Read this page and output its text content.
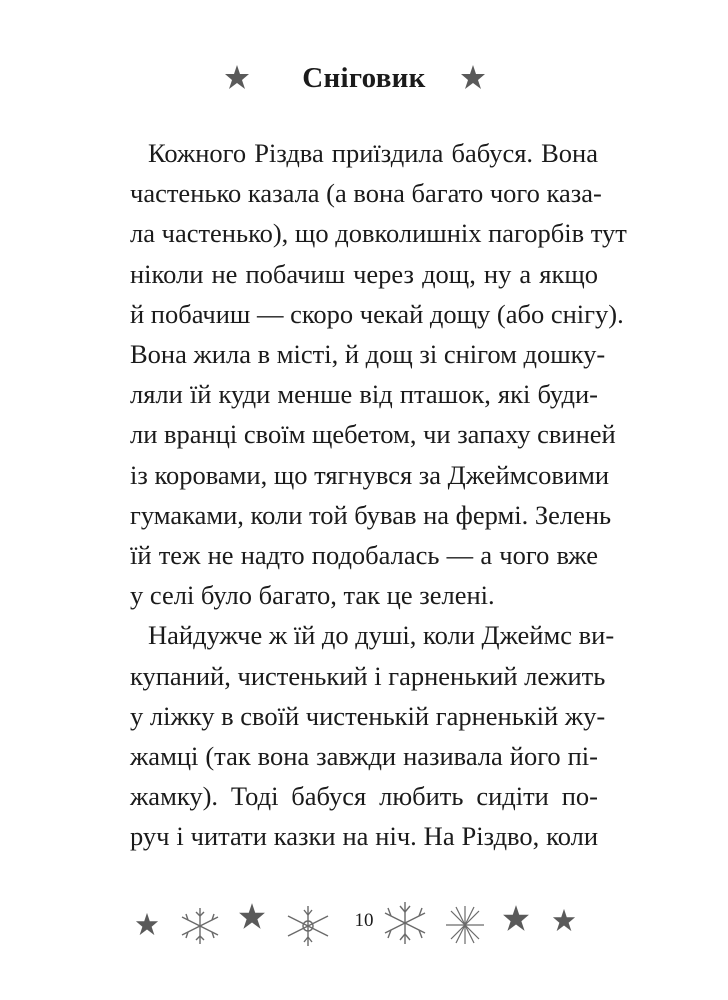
Сніговик

Кожного Різдва приїздила бабуся. Вона
частенько казала (а вона багато чого каза-
ла частенько), що довколишніх пагорбів тут
ніколи не побачиш через дощ, ну а якщо
й побачиш — скоро чекай дощу (або снігу).
Вона жила в місті, й дощ зі снігом дошку-
ляли їй куди менше від пташок, які буди-
ли вранці своїм щебетом, чи запаху свиней
із коровами, що тягнувся за Джеймсовими
гумаками, коли той бував на фермі. Зелень
їй теж не надто подобалась — а чого вже
у селі було багато, так це зелені.

Найдужче ж їй до душі, коли Джеймс ви-
купаний, чистенький і гарненький лежить
у ліжку в своїй чистенькій гарненькій жу-
жамці (так вона завжди називала його пі-
жамку). Тоді бабуся любить сидіти по-
руч і читати казки на ніч. На Різдво, коли

10
